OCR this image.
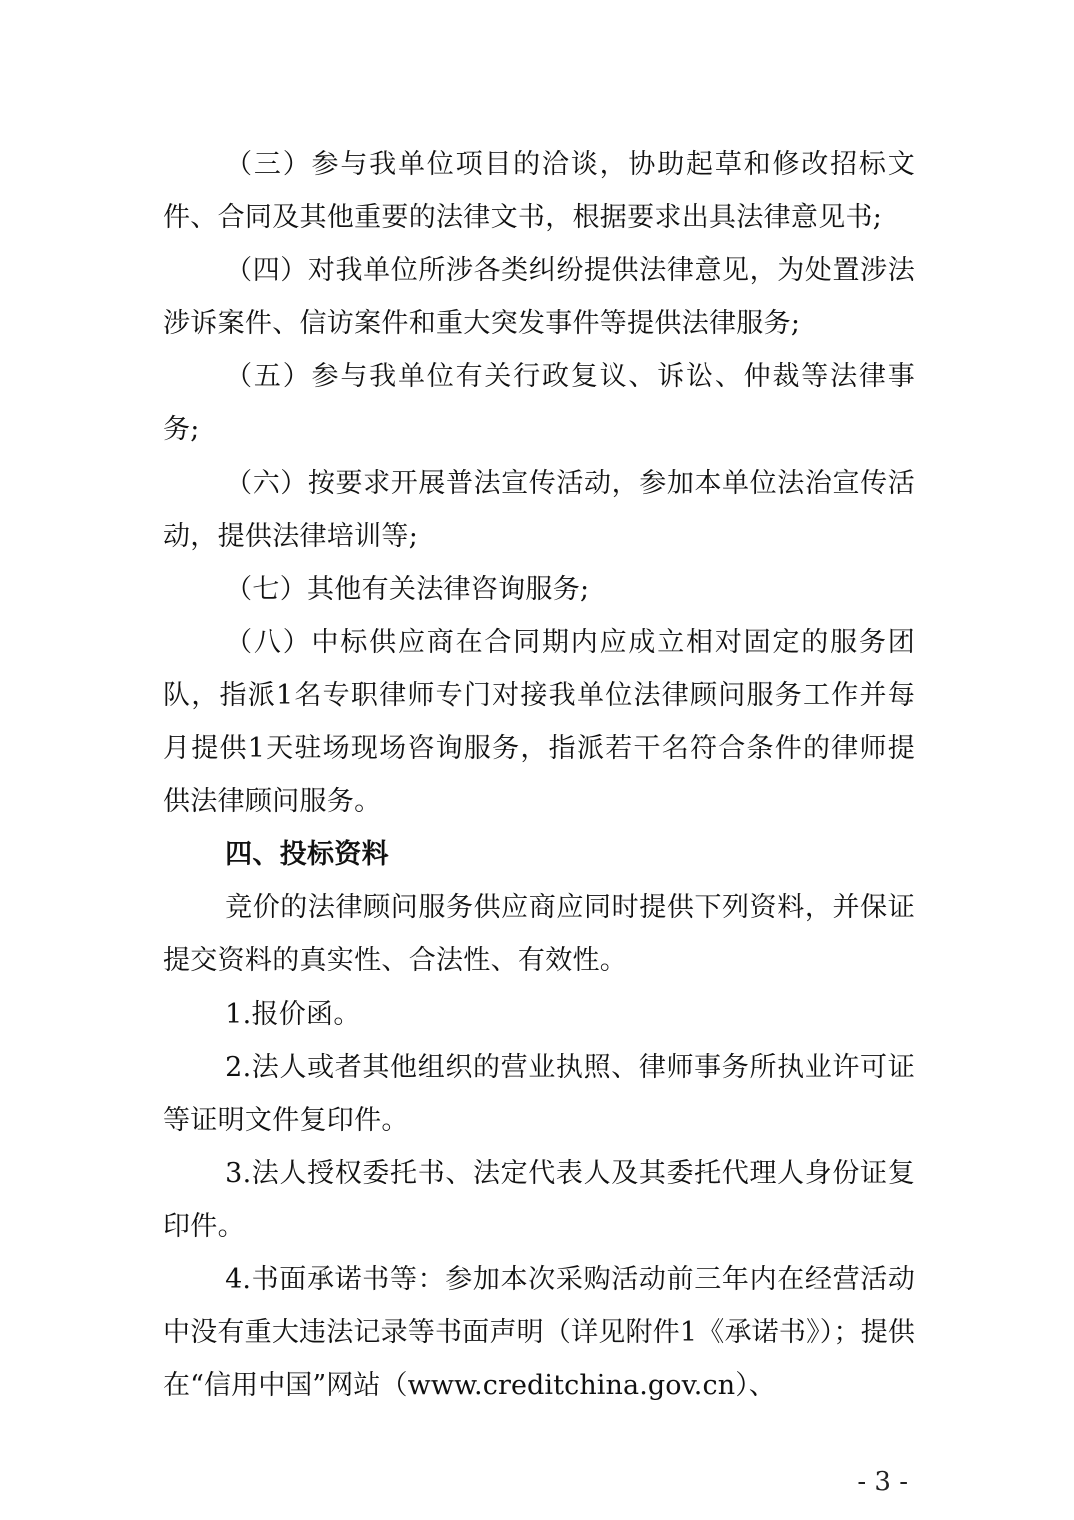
（三）参与我单位项目的洽谈，协助起草和修改招标文件、合同及其他重要的法律文书，根据要求出具法律意见书;

（四）对我单位所涉各类纠纷提供法律意见，为处置涉法涉诉案件、信访案件和重大突发事件等提供法律服务;

（五）参与我单位有关行政复议、诉讼、仲裁等法律事务;

（六）按要求开展普法宣传活动，参加本单位法治宣传活动，提供法律培训等;

（七）其他有关法律咨询服务;

（八）中标供应商在合同期内应成立相对固定的服务团队，指派1名专职律师专门对接我单位法律顾问服务工作并每月提供1天驻场现场咨询服务，指派若干名符合条件的律师提供法律顾问服务。

四、投标资料

竞价的法律顾问服务供应商应同时提供下列资料，并保证提交资料的真实性、合法性、有效性。

1.报价函。

2.法人或者其他组织的营业执照、律师事务所执业许可证等证明文件复印件。

3.法人授权委托书、法定代表人及其委托代理人身份证复印件。

4.书面承诺书等：参加本次采购活动前三年内在经营活动中没有重大违法记录等书面声明（详见附件1《承诺书》）；提供在“信用中国”网站（www.creditchina.gov.cn）、

- 3 -
